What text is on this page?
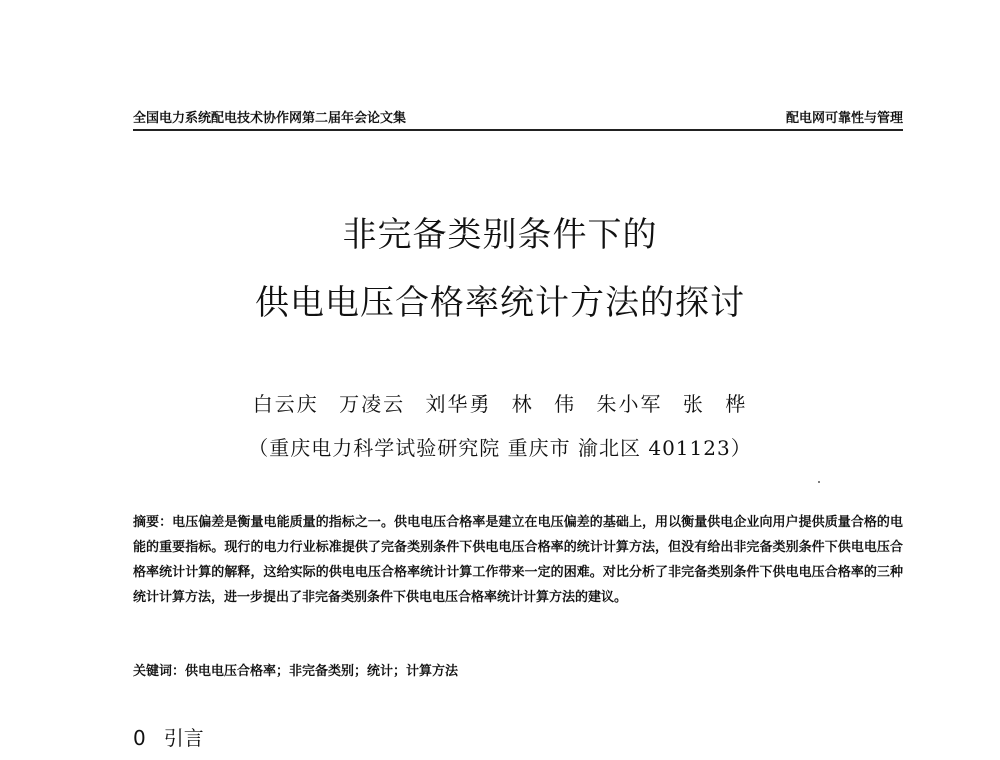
全国电力系统配电技术协作网第二届年会论文集	配电网可靠性与管理
非完备类别条件下的
供电电压合格率统计方法的探讨
白云庆 万凌云 刘华勇 林 伟 朱小军 张 桦
（重庆电力科学试验研究院 重庆市 渝北区 401123）
摘要：电压偏差是衡量电能质量的指标之一。供电电压合格率是建立在电压偏差的基础上，用以衡量供电企业向用户提供质量合格的电能的重要指标。现行的电力行业标准提供了完备类别条件下供电电压合格率的统计计算方法，但没有给出非完备类别条件下供电电压合格率统计计算的解释，这给实际的供电电压合格率统计计算工作带来一定的困难。对比分析了非完备类别条件下供电电压合格率的三种统计计算方法，进一步提出了非完备类别条件下供电电压合格率统计计算方法的建议。
关键词：供电电压合格率；非完备类别；统计；计算方法
0 引言
